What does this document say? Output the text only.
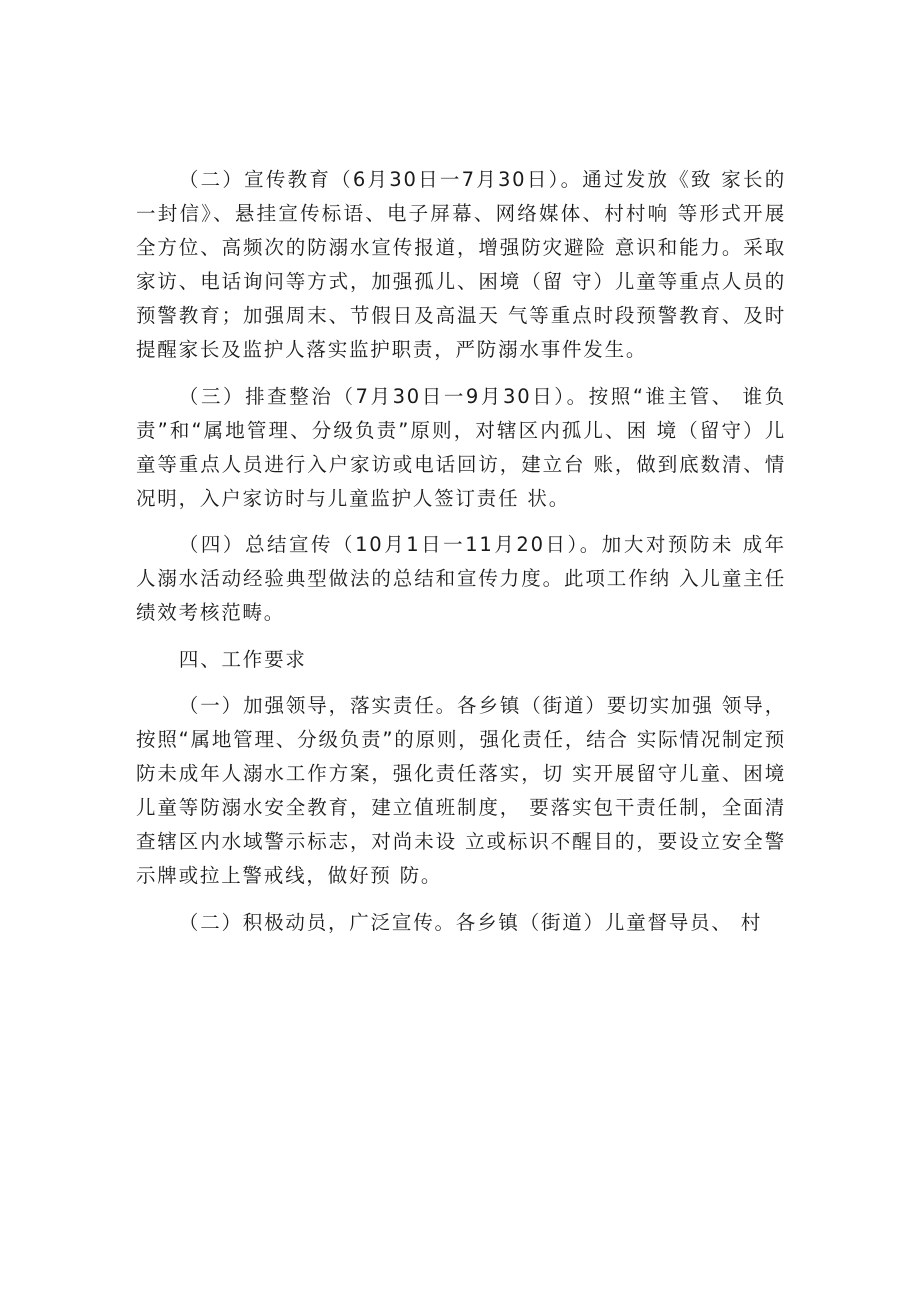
（二）宣传教育（6月30日一7月30日）。通过发放《致 家长的一封信》、悬挂宣传标语、电子屏幕、网络媒体、村村响 等形式开展全方位、高频次的防溺水宣传报道，增强防灾避险 意识和能力。采取家访、电话询问等方式，加强孤儿、困境（留 守）儿童等重点人员的预警教育；加强周末、节假日及高温天 气等重点时段预警教育、及时提醒家长及监护人落实监护职责，严防溺水事件发生。

（三）排查整治（7月30日一9月30日）。按照“谁主管、 谁负责”和“属地管理、分级负责”原则，对辖区内孤儿、困 境（留守）儿童等重点人员进行入户家访或电话回访，建立台 账，做到底数清、情况明，入户家访时与儿童监护人签订责任 状。

（四）总结宣传（10月1日一11月20日）。加大对预防未 成年人溺水活动经验典型做法的总结和宣传力度。此项工作纳 入儿童主任绩效考核范畴。

四、工作要求

（一）加强领导，落实责任。各乡镇（街道）要切实加强 领导，按照“属地管理、分级负责”的原则，强化责任，结合 实际情况制定预防未成年人溺水工作方案，强化责任落实，切 实开展留守儿童、困境儿童等防溺水安全教育，建立值班制度， 要落实包干责任制，全面清查辖区内水域警示标志，对尚未设 立或标识不醒目的，要设立安全警示牌或拉上警戒线，做好预 防。

（二）积极动员，广泛宣传。各乡镇（街道）儿童督导员、 村
